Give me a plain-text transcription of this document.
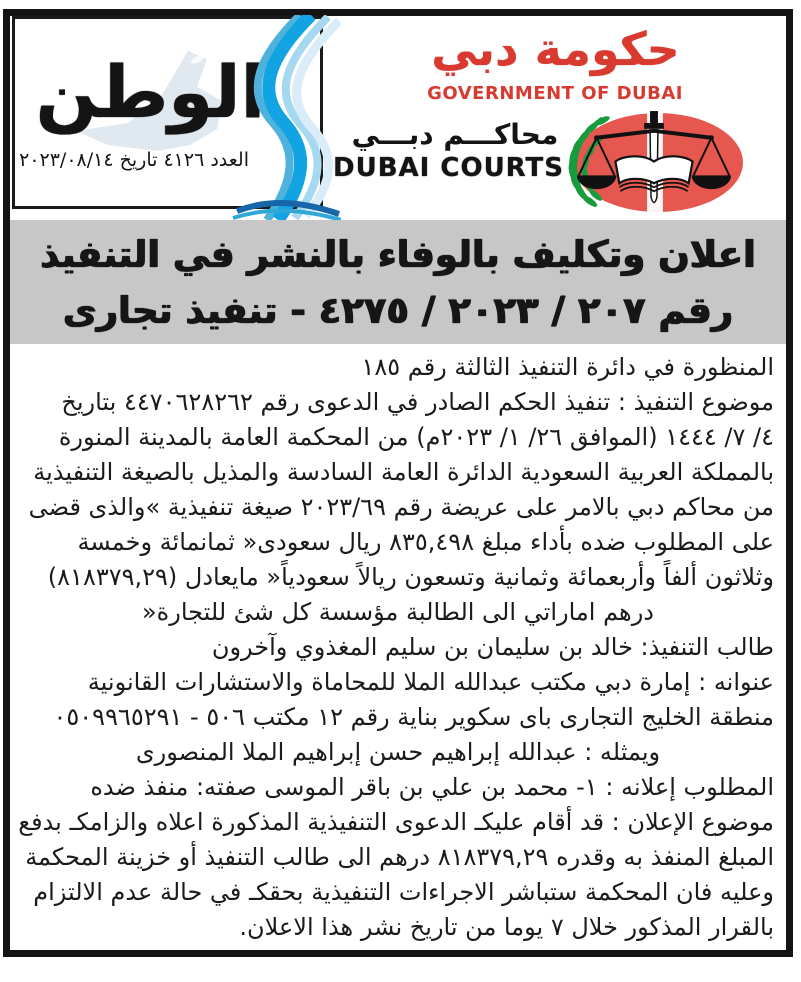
الوطن
العدد ٤١٢٦ تاريخ ٢٠٢٣/٠٨/١٤
حكومة دبي
GOVERNMENT OF DUBAI
محاكـــم دبـــي
DUBAI COURTS
اعلان وتكليف بالوفاء بالنشر في التنفيذ
رقم ٢٠٧ / ٢٠٢٣ / ٤٢٧٥ - تنفيذ تجارى
المنظورة في دائرة التنفيذ الثالثة رقم ١٨٥
موضوع التنفيذ : تنفيذ الحكم الصادر في الدعوى رقم ٤٤٧٠٦٢٨٢٦٢ بتاريخ
٤/ ٧/ ١٤٤٤ (الموافق ٢٦/ ١/ ٢٠٢٣م) من المحكمة العامة بالمدينة المنورة
بالمملكة العربية السعودية الدائرة العامة السادسة والمذيل بالصيغة التنفيذية
من محاكم دبي بالامر على عريضة رقم ٢٠٢٣/٦٩ صيغة تنفيذية »والذى قضى
على المطلوب ضده بأداء مبلغ ٨٣٥,٤٩٨ ريال سعودى« ثمانمائة وخمسة
وثلاثون ألفاً وأربعمائة وثمانية وتسعون ريالاً سعودياً« مايعادل (٨١٨٣٧٩,٢٩)
درهم اماراتي الى الطالبة مؤسسة كل شئ للتجارة«
طالب التنفيذ: خالد بن سليمان بن سليم المغذوي وآخرون
عنوانه : إمارة دبي مكتب عبدالله الملا للمحاماة والاستشارات القانونية
منطقة الخليج التجارى باى سكوير بناية رقم ١٢ مكتب ٥٠٦ - ٠٥٠٩٩٦٥٢٩١
ويمثله : عبدالله إبراهيم حسن إبراهيم الملا المنصورى
المطلوب إعلانه : ١- محمد بن علي بن باقر الموسى صفته: منفذ ضده
موضوع الإعلان : قد أقام عليكـ الدعوى التنفيذية المذكورة اعلاه والزامكـ بدفع
المبلغ المنفذ به وقدره ٨١٨٣٧٩,٢٩ درهم الى طالب التنفيذ أو خزينة المحكمة
وعليه فان المحكمة ستباشر الاجراءات التنفيذية بحقكـ في حالة عدم الالتزام
بالقرار المذكور خلال ٧ يوما من تاريخ نشر هذا الاعلان.
